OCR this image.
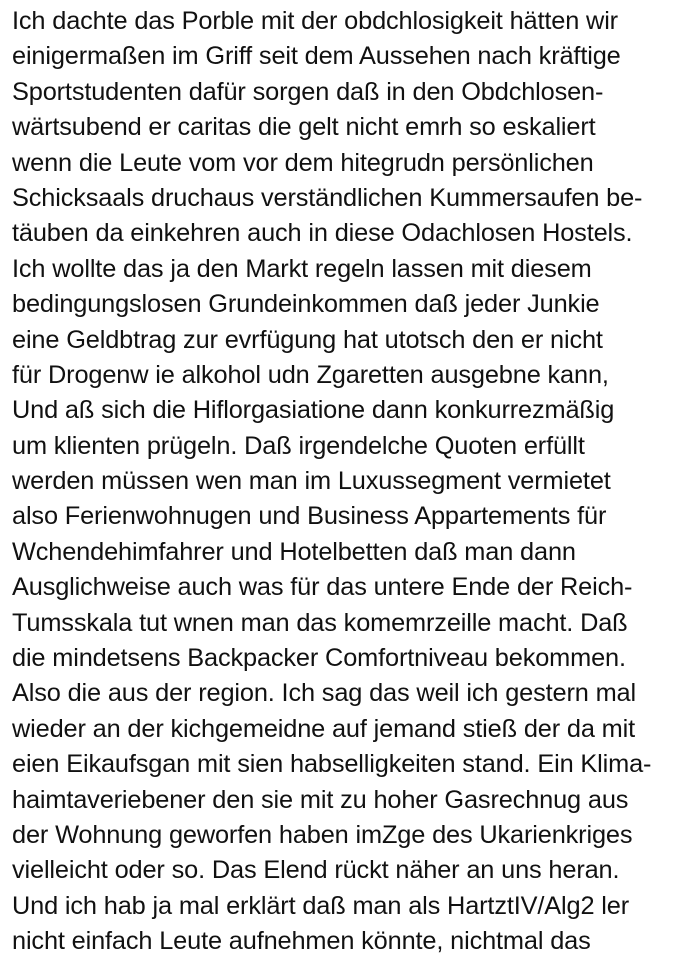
Ich dachte das Porble mit der obdchlosigkeit hätten wir
einigermaßen im Griff seit dem Aussehen nach kräftige
Sportstudenten dafür sorgen daß in den Obdchlosen-
wärtsubend er caritas die gelt nicht emrh so eskaliert
wenn die Leute vom vor dem hitegrudn persönlichen
Schicksaals druchaus verständlichen Kummersaufen be-
täuben da einkehren auch in diese Odachlosen Hostels.
Ich wollte das ja den Markt regeln lassen mit diesem
bedingungslosen Grundeinkommen daß jeder Junkie
eine Geldbtrag zur evrfügung hat utotsch den er nicht
für Drogenw ie alkohol udn Zgaretten ausgebne kann,
Und aß sich die Hiflorgasiatione dann konkurrezmäßig
um klienten prügeln. Daß irgendelche Quoten erfüllt
werden müssen wen man im Luxussegment vermietet
also Ferienwohnugen und Business Appartements für
Wchendehimfahrer und Hotelbetten daß man dann
Ausglichweise auch was für das untere Ende der Reich-
Tumsskala tut wnen man das komemrzeille macht. Daß
die mindetsens Backpacker Comfortniveau bekommen.
Also die aus der region. Ich sag das weil ich gestern mal
wieder an der kichgemeidne auf jemand stieß der da mit
eien Eikaufsgan mit sien habselligkeiten stand. Ein Klima-
haimtaveriebener den sie mit zu hoher Gasrechnug aus
der Wohnung geworfen haben imZge des Ukarienkriges
vielleicht oder so. Das Elend rückt näher an uns heran.
Und ich hab ja mal erklärt daß man als HartztIV/Alg2 ler
nicht einfach Leute aufnehmen könnte, nichtmal das
